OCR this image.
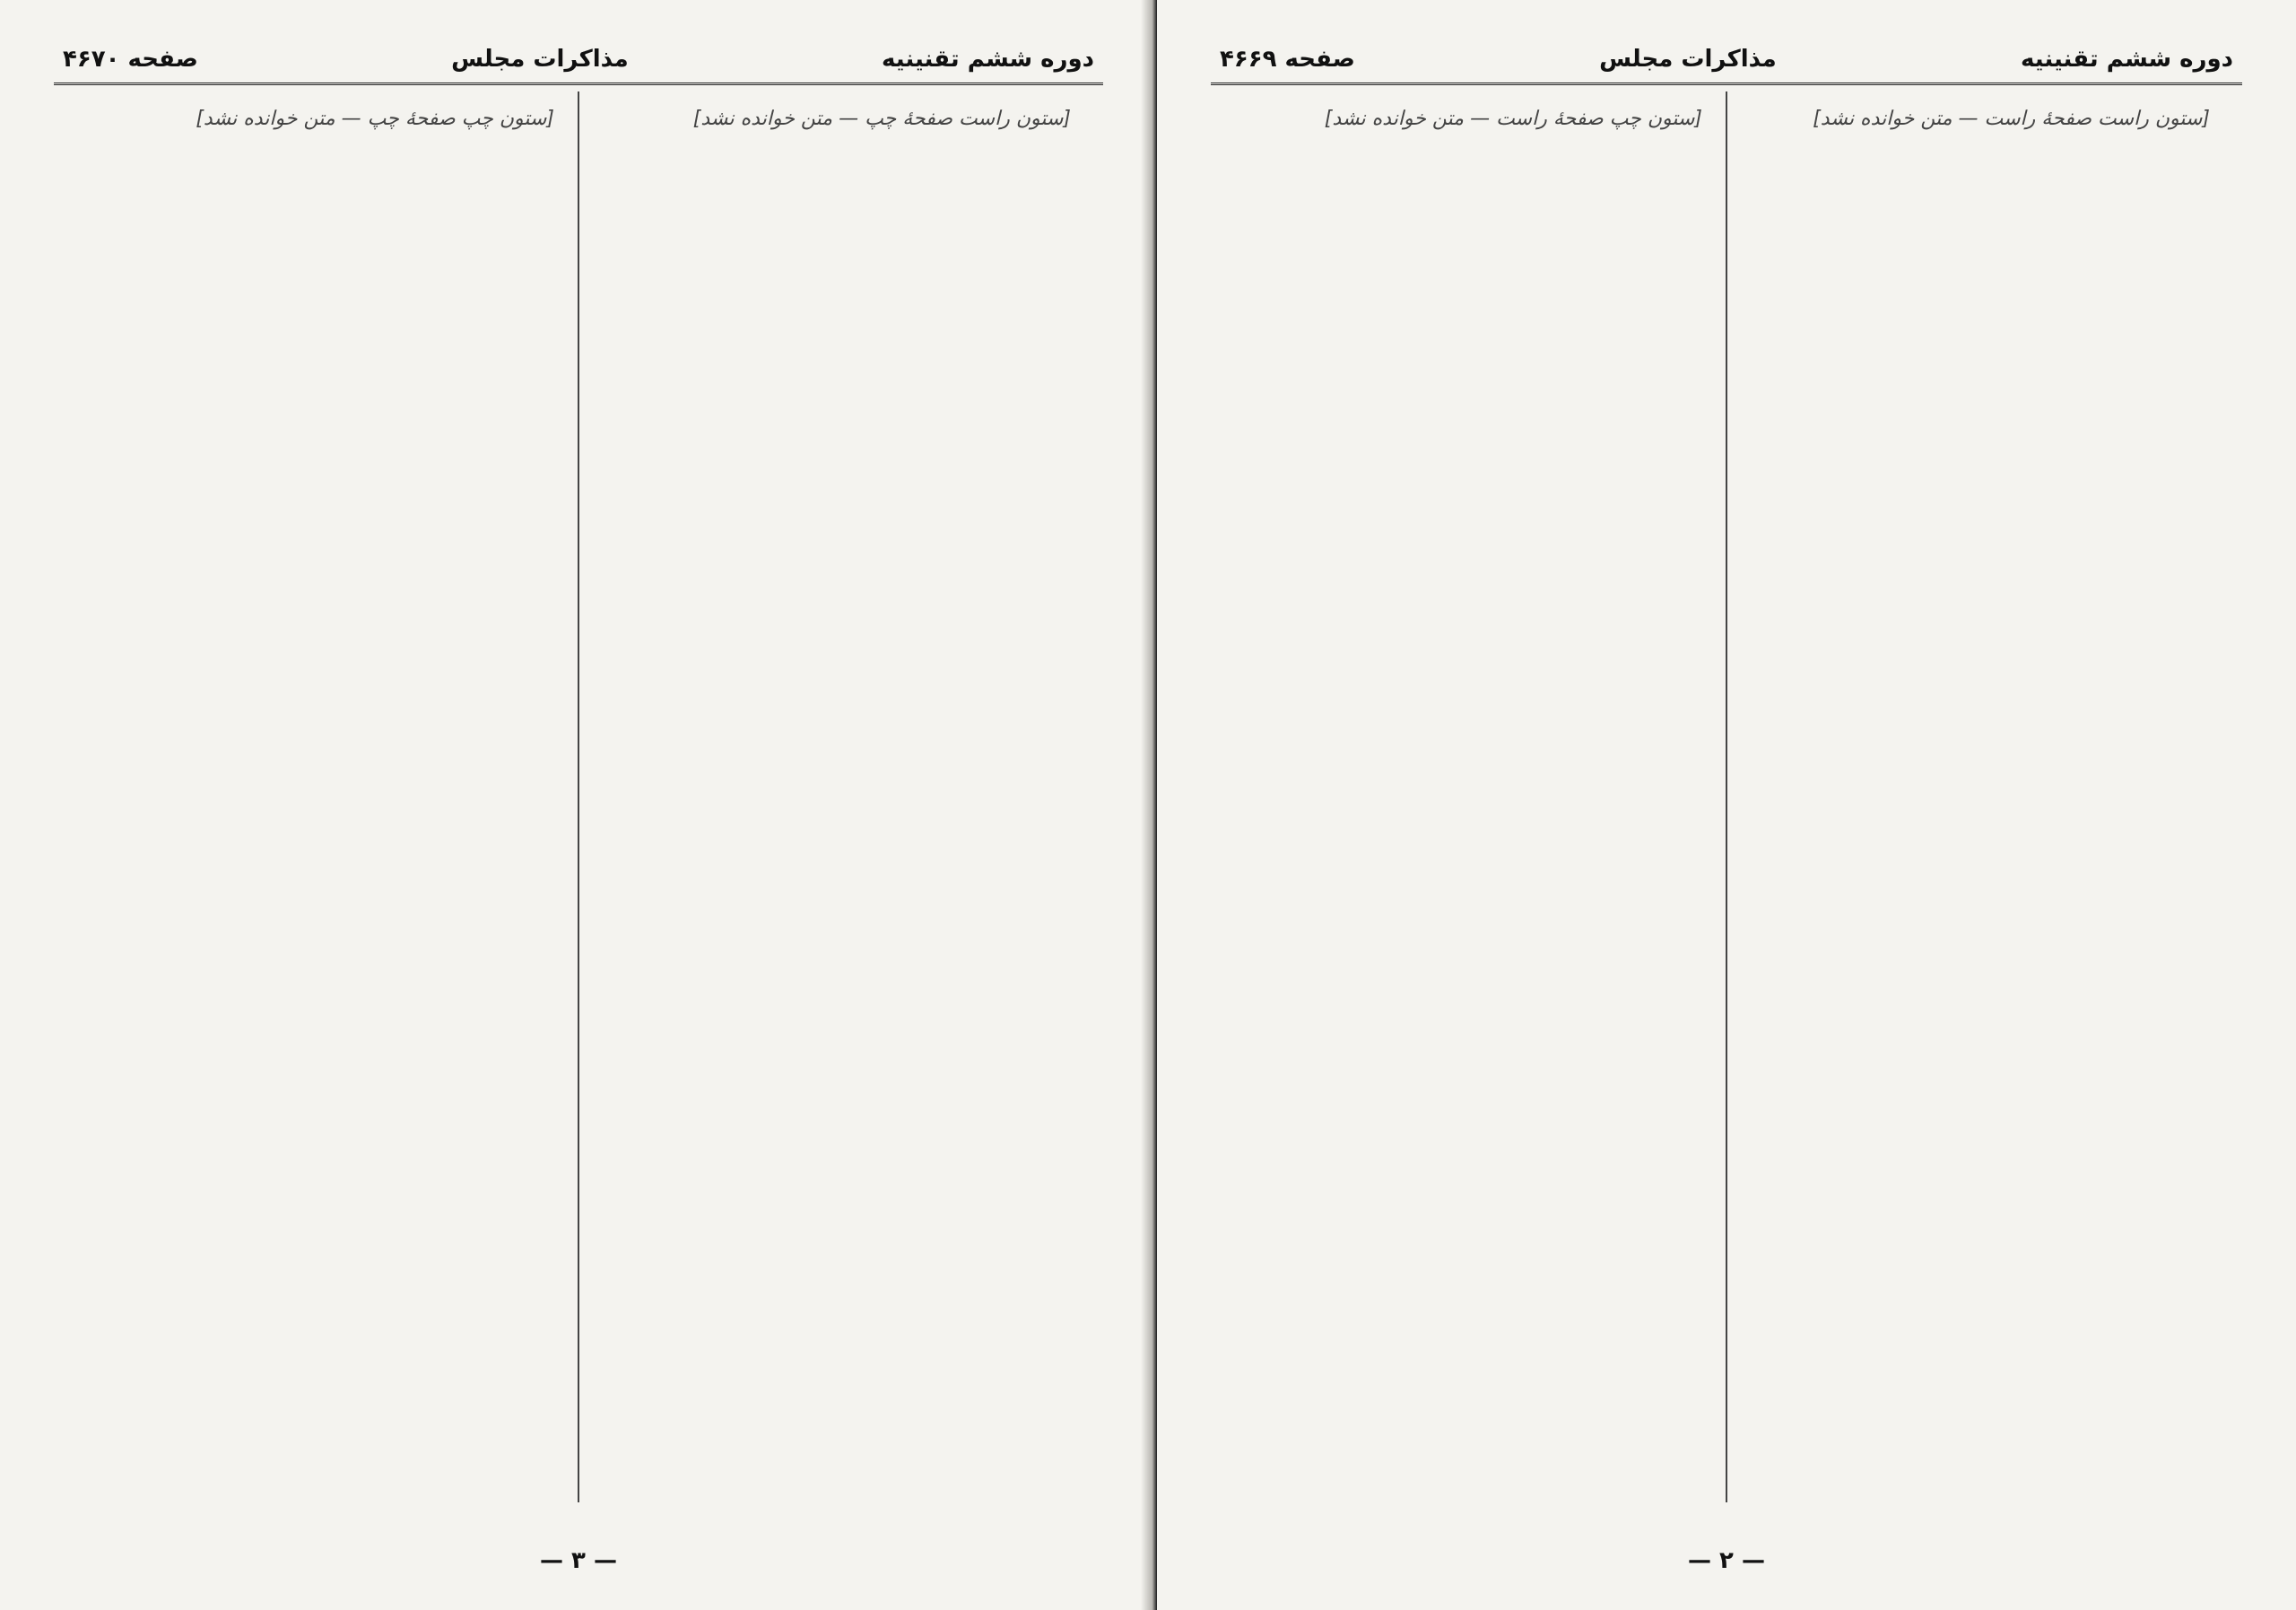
دوره ششم تقنینیه
مذاکرات مجلس
صفحه ۴۶۷۰
[ستون راست صفحهٔ چپ — متن خوانده نشد]
[ستون چپ صفحهٔ چپ — متن خوانده نشد]
— ۳ —
دوره ششم تقنینیه
مذاکرات مجلس
صفحه ۴۶۶۹
[ستون راست صفحهٔ راست — متن خوانده نشد]
[ستون چپ صفحهٔ راست — متن خوانده نشد]
— ۲ —
